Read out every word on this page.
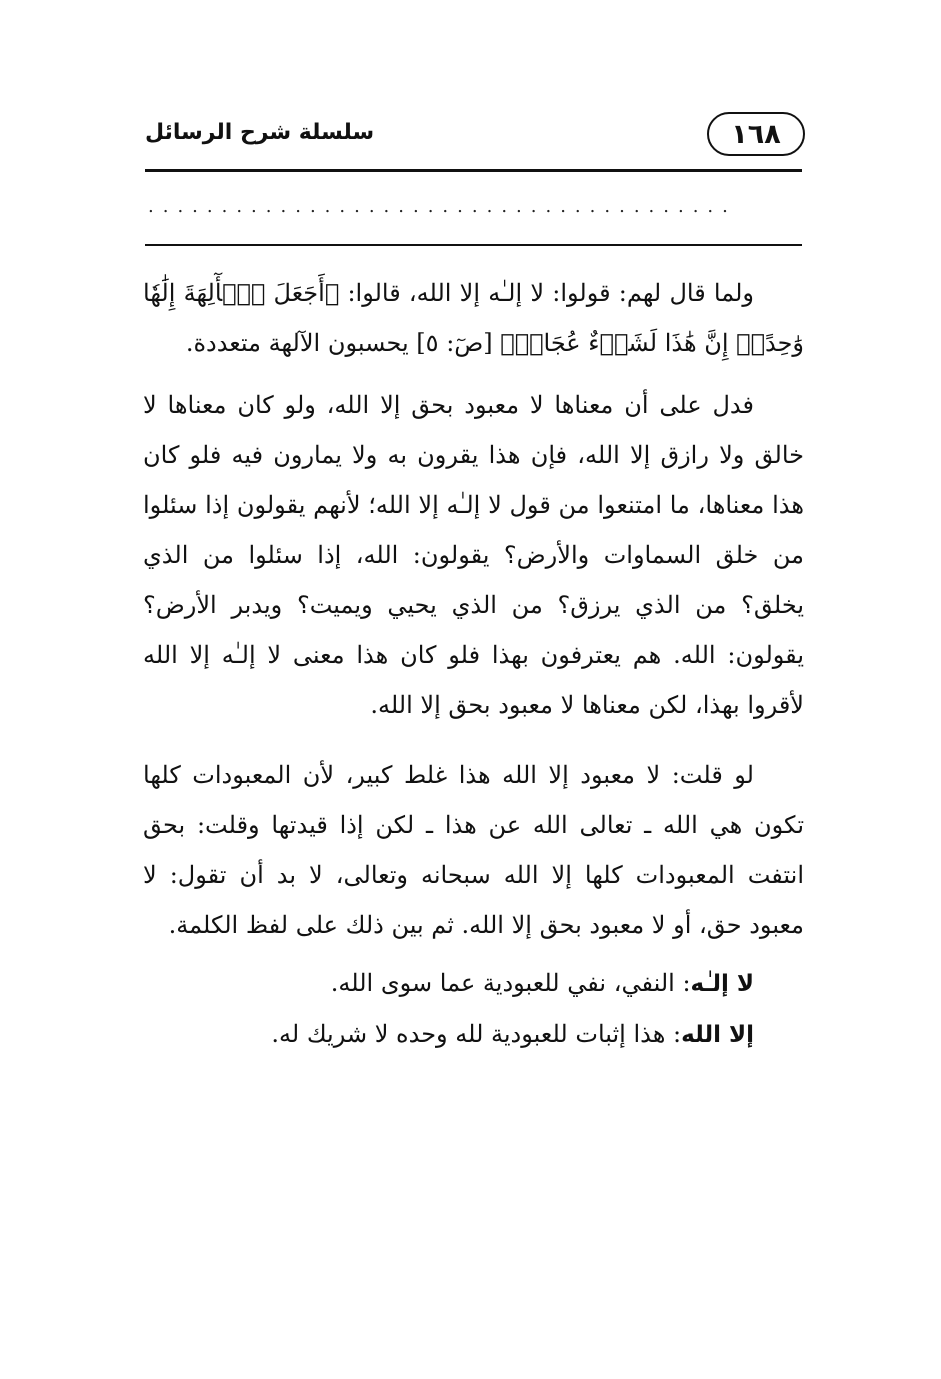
١٦٨
سلسلة شرح الرسائل
........................................

ولما قال لهم: قولوا: لا إلـٰه إلا الله، قالوا: ﴿أَجَعَلَ ٱلۡأٓلِهَةَ إِلَٰهٗا وَٰحِدًاۖ إِنَّ هَٰذَا لَشَيۡءٌ عُجَابٞ﴾ [صٓ: ٥] يحسبون الآلهة متعددة.

فدل على أن معناها لا معبود بحق إلا الله، ولو كان معناها لا خالق ولا رازق إلا الله، فإن هذا يقرون به ولا يمارون فيه فلو كان هذا معناها، ما امتنعوا من قول لا إلـٰه إلا الله؛ لأنهم يقولون إذا سئلوا من خلق السماوات والأرض؟ يقولون: الله، إذا سئلوا من الذي يخلق؟ من الذي يرزق؟ من الذي يحيي ويميت؟ ويدبر الأرض؟ يقولون: الله. هم يعترفون بهذا فلو كان هذا معنى لا إلـٰه إلا الله لأقروا بهذا، لكن معناها لا معبود بحق إلا الله.

لو قلت: لا معبود إلا الله هذا غلط كبير، لأن المعبودات كلها تكون هي الله ـ تعالى الله عن هذا ـ لكن إذا قيدتها وقلت: بحق انتفت المعبودات كلها إلا الله سبحانه وتعالى، لا بد أن تقول: لا معبود حق، أو لا معبود بحق إلا الله. ثم بين ذلك على لفظ الكلمة.

لا إلـٰه: النفي، نفي للعبودية عما سوى الله.

إلا الله: هذا إثبات للعبودية لله وحده لا شريك له.
